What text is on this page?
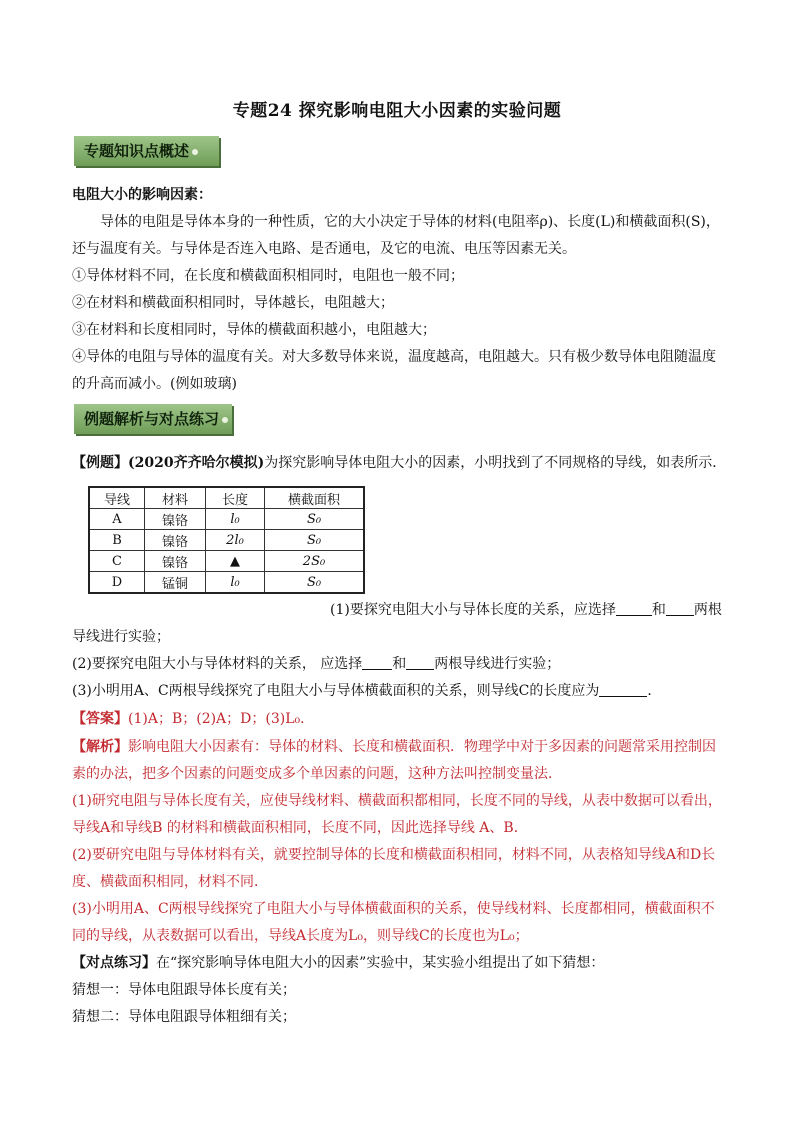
专题24 探究影响电阻大小因素的实验问题
专题知识点概述
电阻大小的影响因素：
导体的电阻是导体本身的一种性质，它的大小决定于导体的材料(电阻率ρ)、长度(L)和横截面积(S)，
还与温度有关。与导体是否连入电路、是否通电，及它的电流、电压等因素无关。
①导体材料不同，在长度和横截面积相同时，电阻也一般不同；
②在材料和横截面积相同时，导体越长，电阻越大；
③在材料和长度相同时，导体的横截面积越小，电阻越大；
④导体的电阻与导体的温度有关。对大多数导体来说，温度越高，电阻越大。只有极少数导体电阻随温度
的升高而减小。(例如玻璃)
例题解析与对点练习
【例题】(2020齐齐哈尔模拟)为探究影响导体电阻大小的因素，小明找到了不同规格的导线，如表所示．
导线	材料	长度	横截面积
A	镍铬	l₀	S₀
B	镍铬	2l₀	S₀
C	镍铬	▲	2S₀
D	锰铜	l₀	S₀
(1)要探究电阻大小与导体长度的关系，应选择	和 两根
导线进行实验；
(2)要探究电阻大小与导体材料的关系， 应选择 和 两根导线进行实验；
(3)小明用A、C两根导线探究了电阻大小与导体横截面积的关系，则导线C的长度应为	．
【答案】(1)A；B；(2)A；D；(3)L₀．
【解析】影响电阻大小因素有：导体的材料、长度和横截面积．物理学中对于多因素的问题常采用控制因
素的办法，把多个因素的问题变成多个单因素的问题，这种方法叫控制变量法．
(1)研究电阻与导体长度有关，应使导线材料、横截面积都相同，长度不同的导线，从表中数据可以看出，
导线A和导线B 的材料和横截面积相同，长度不同，因此选择导线 A、B．
(2)要研究电阻与导体材料有关，就要控制导体的长度和横截面积相同，材料不同，从表格知导线A和D长
度、横截面积相同，材料不同．
(3)小明用A、C两根导线探究了电阻大小与导体横截面积的关系，使导线材料、长度都相同，横截面积不
同的导线，从表数据可以看出，导线A长度为L₀，则导线C的长度也为L₀；
【对点练习】在“探究影响导体电阻大小的因素”实验中，某实验小组提出了如下猜想：
猜想一：导体电阻跟导体长度有关；
猜想二：导体电阻跟导体粗细有关；
